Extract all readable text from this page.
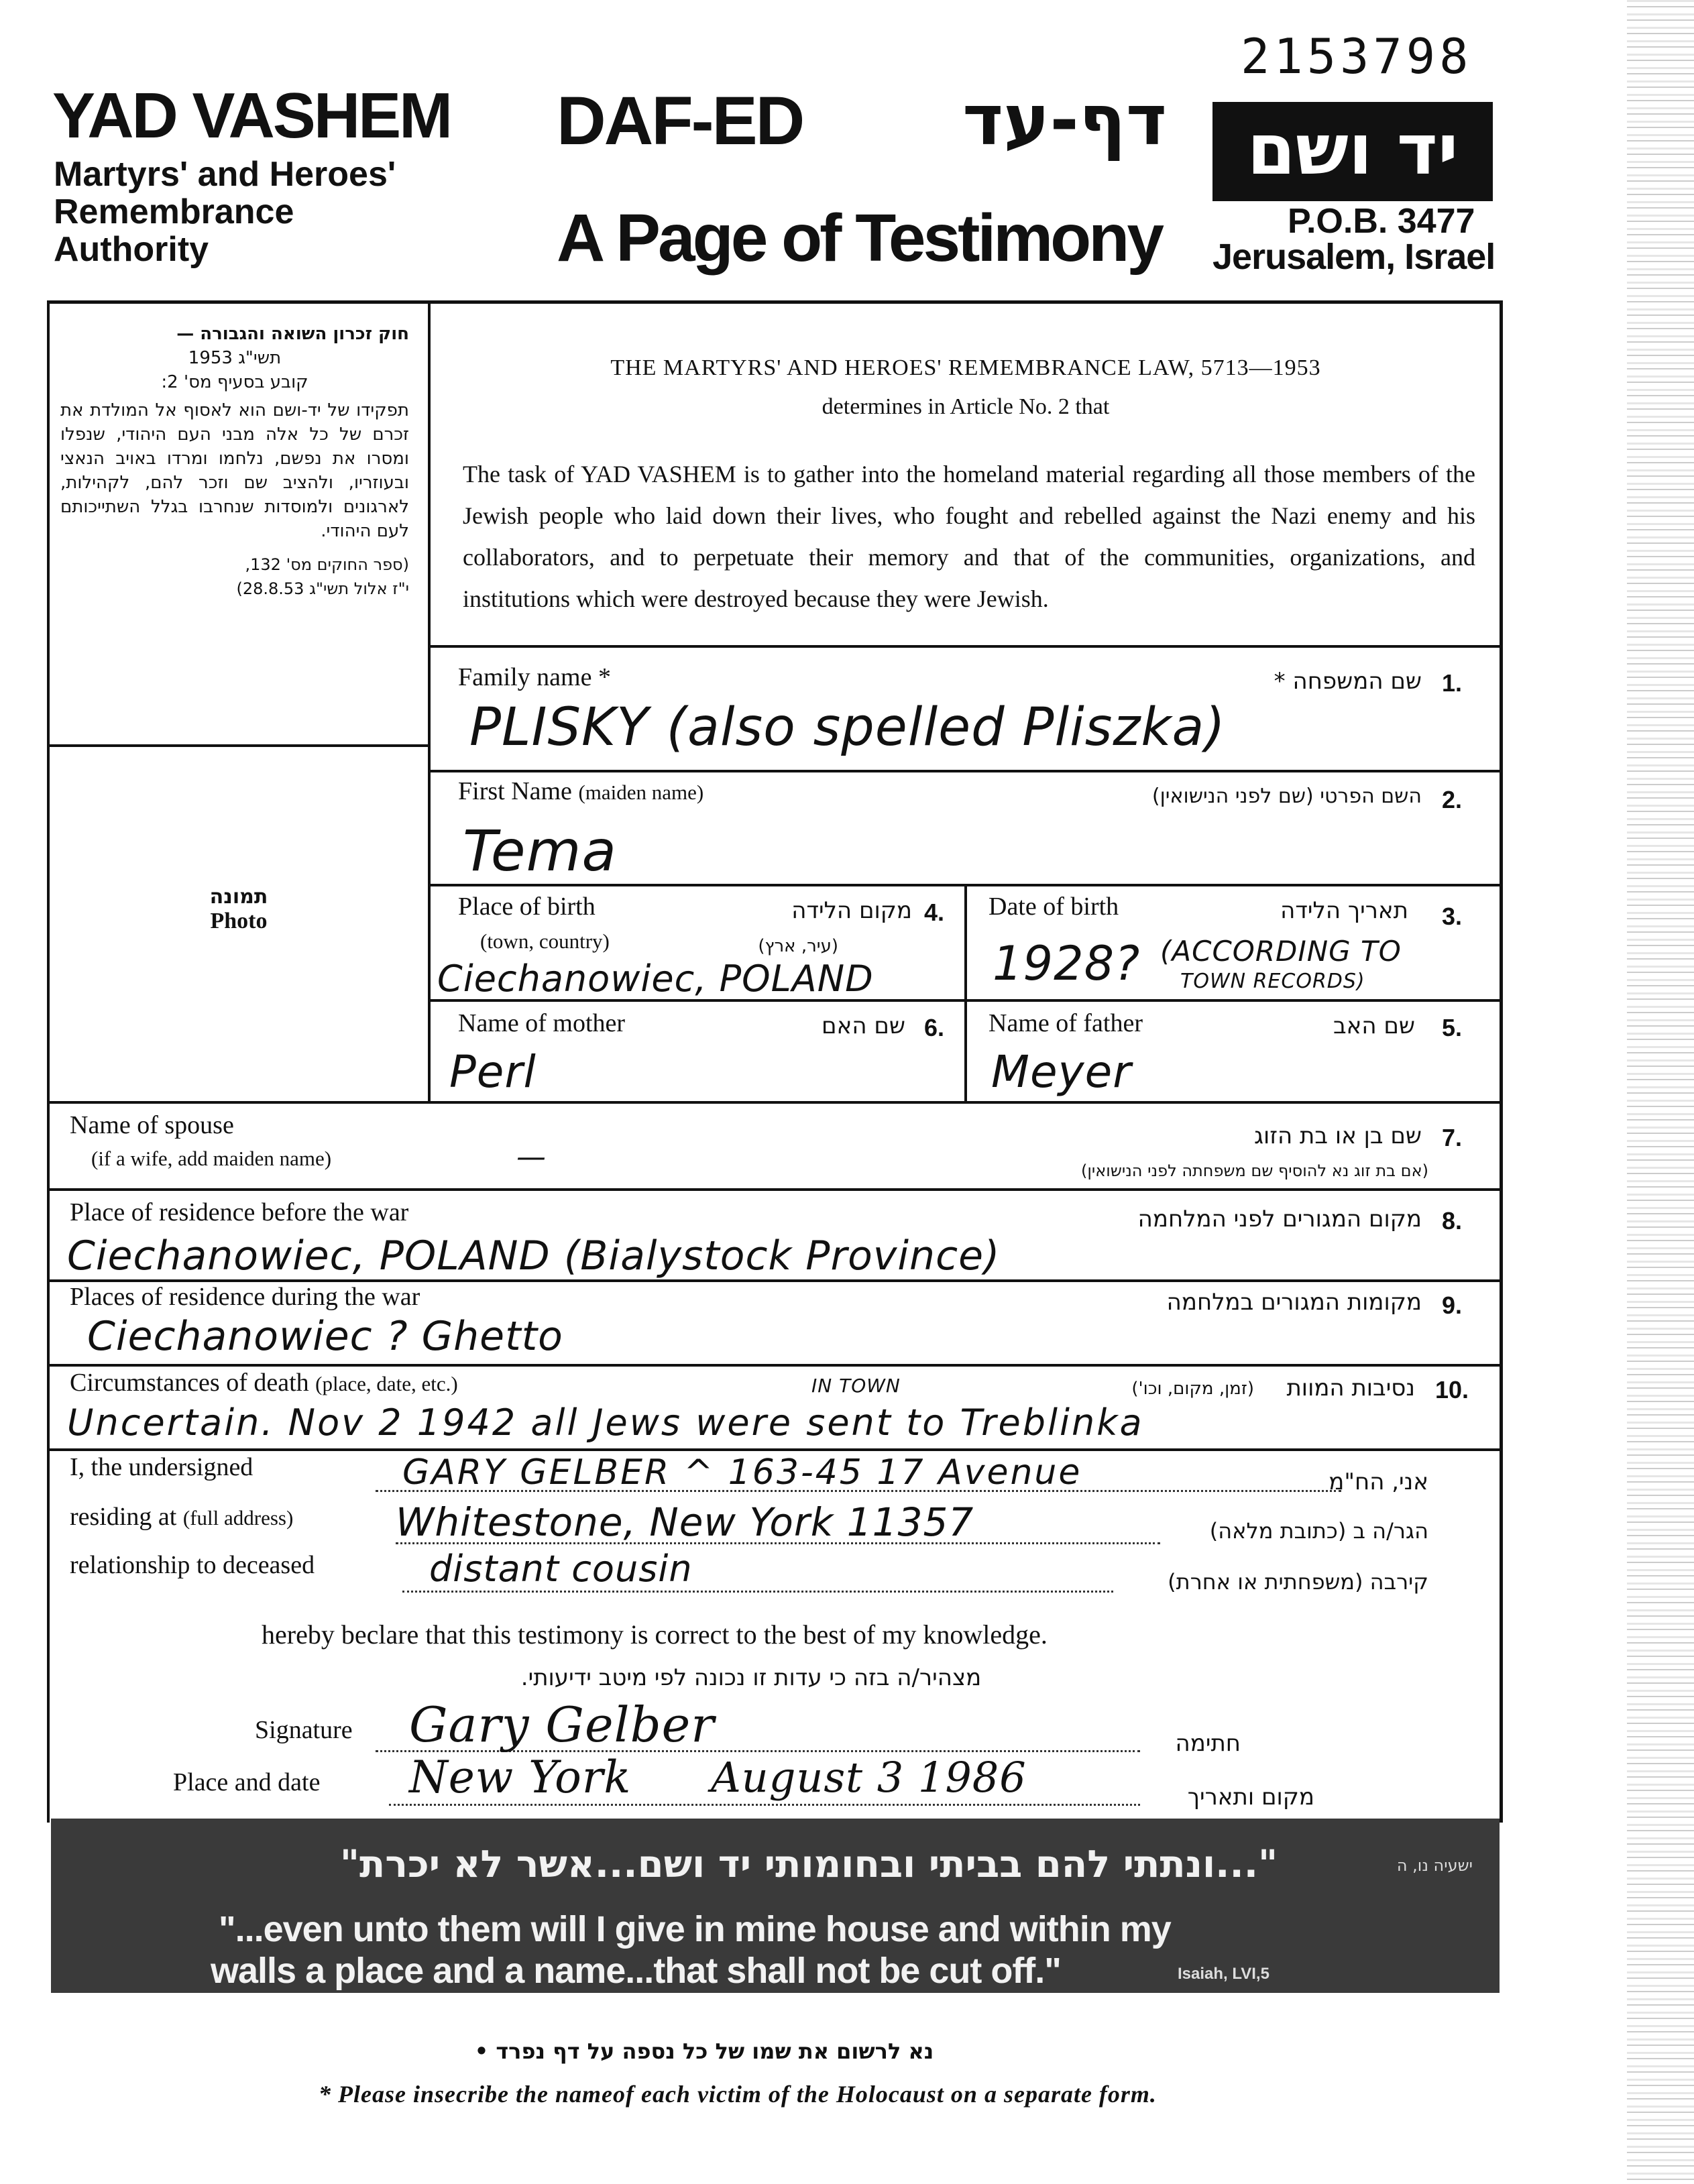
2153798
YAD VASHEM
Martyrs' and Heroes'
Remembrance
Authority
DAF-ED	דף-עד
A Page of Testimony
יד ושם
P.O.B. 3477
Jerusalem, Israel
חוק זכרון השואה והגבורה —
תשי"ג 1953
קובע בסעיף מס' 2:
תפקידו של יד-ושם הוא לאסוף אל המולדת את זכרם של כל אלה מבני העם היהודי, שנפלו ומסרו את נפשם, נלחמו ומרדו באויב הנאצי ובעוזריו, ולהציב שם וזכר להם, לקהילות, לארגונים ולמוסדות שנחרבו בגלל השתייכותם לעם היהודי.
(ספר החוקים מס' 132,
י"ז אלול תשי"ג 28.8.53)
THE MARTYRS' AND HEROES' REMEMBRANCE LAW, 5713—1953
determines in Article No. 2 that
The task of YAD VASHEM is to gather into the homeland material regarding all those members of the Jewish people who laid down their lives, who fought and rebelled against the Nazi enemy and his collaborators, and to perpetuate their memory and that of the communities, organizations, and institutions which were destroyed because they were Jewish.
תמונה
Photo
Family name *	שם המשפחה * 1.
PLISKY (also spelled Pliszka)
First Name (maiden name)	השם הפרטי (שם לפני הנישואין) 2.
Tema
Place of birth
(town, country)
מקום הלידה
(עיר, ארץ)
4.
Ciechanowiec, POLAND
Date of birth	תאריך הלידה 3.
1928? (ACCORDING TO
TOWN RECORDS)
Name of mother	שם האם 6.
Perl
Name of father	שם האב 5.
Meyer
Name of spouse
(if a wife, add maiden name)	—
שם בן או בת הזוג
(אם בת זוג נא להוסיף שם משפחתה לפני הנישואין)
7.
Place of residence before the war	מקום המגורים לפני המלחמה 8.
Ciechanowiec, POLAND (Bialystock Province)
Places of residence during the war	מקומות המגורים במלחמה 9.
Ciechanowiec ? Ghetto
Circumstances of death (place, date, etc.)	IN TOWN	(זמן, מקום, וכו')	נסיבות המוות 10.
Uncertain. Nov 2 1942 all Jews were sent to Treblinka
I, the undersigned	GARY GELBER ^ 163-45 17 Avenue	אני, הח"מ
residing at (full address)	Whitestone, New York 11357	הגר/ה ב (כתובת מלאה)
relationship to deceased	distant cousin	קירבה (משפחתית או אחרת)
hereby beclare that this testimony is correct to the best of my knowledge.
מצהיר/ה בזה כי עדות זו נכונה לפי מיטב ידיעותי.
Signature Gary Gelber	חתימה
Place and date New York August 3 1986	מקום ותאריך
"...ונתתי להם בביתי ובחומותי יד ושם...אשר לא יכרת"	ישעיה נו, ה
"...even unto them will I give in mine house and within my
walls a place and a name...that shall not be cut off."	Isaiah, LVI,5
נא לרשום את שמו של כל נספה על דף נפרד •
* Please insecribe the nameof each victim of the Holocaust on a separate form.
